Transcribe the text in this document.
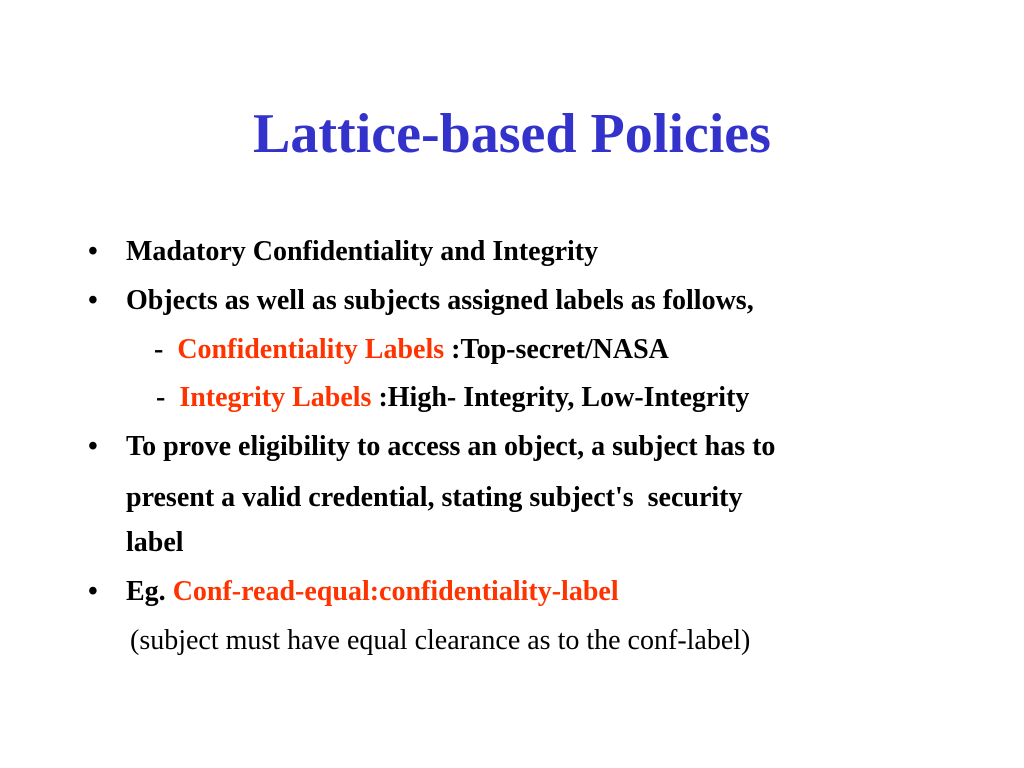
Lattice-based Policies
• Madatory Confidentiality and Integrity
• Objects as well as subjects assigned labels as follows,
- Confidentiality Labels :Top-secret/NASA
- Integrity Labels :High- Integrity, Low-Integrity
• To prove eligibility to access an object, a subject has to
present a valid credential, stating subject's  security
label
• Eg. Conf-read-equal:confidentiality-label
(subject must have equal clearance as to the conf-label)
